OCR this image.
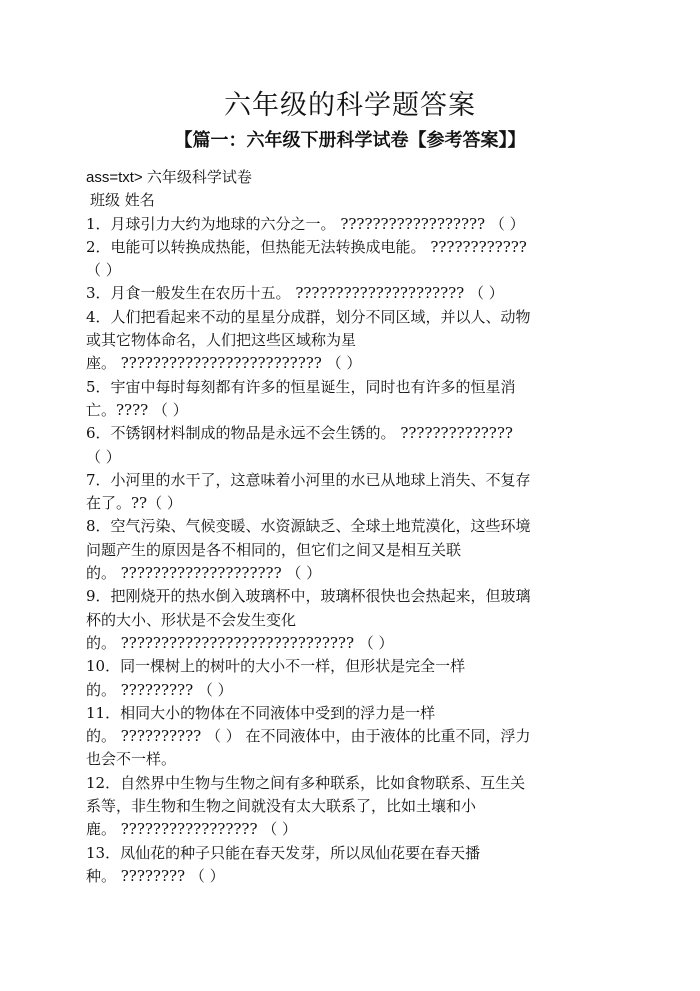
六年级的科学题答案
【篇一：六年级下册科学试卷【参考答案】】
ass=txt> 六年级科学试卷
班级 姓名
1．月球引力大约为地球的六分之一。 ?????????????????? （ ）
2．电能可以转换成热能，但热能无法转换成电能。 ????????????
（ ）
3．月食一般发生在农历十五。 ????????????????????? （ ）
4．人们把看起来不动的星星分成群，划分不同区域，并以人、动物
或其它物体命名，人们把这些区域称为星
座。 ????????????????????????? （ ）
5．宇宙中每时每刻都有许多的恒星诞生，同时也有许多的恒星消
亡。???? （ ）
6．不锈钢材料制成的物品是永远不会生锈的。 ??????????????
（ ）
7．小河里的水干了，这意味着小河里的水已从地球上消失、不复存
在了。??（ ）
8．空气污染、气候变暖、水资源缺乏、全球土地荒漠化，这些环境
问题产生的原因是各不相同的，但它们之间又是相互关联
的。 ???????????????????? （ ）
9．把刚烧开的热水倒入玻璃杯中，玻璃杯很快也会热起来，但玻璃
杯的大小、形状是不会发生变化
的。 ????????????????????????????? （ ）
10．同一棵树上的树叶的大小不一样，但形状是完全一样
的。 ????????? （ ）
11．相同大小的物体在不同液体中受到的浮力是一样
的。 ?????????? （ ） 在不同液体中，由于液体的比重不同，浮力
也会不一样。
12．自然界中生物与生物之间有多种联系，比如食物联系、互生关
系等，非生物和生物之间就没有太大联系了，比如土壤和小
鹿。 ????????????????? （ ）
13．凤仙花的种子只能在春天发芽，所以凤仙花要在春天播
种。 ???????? （ ）
